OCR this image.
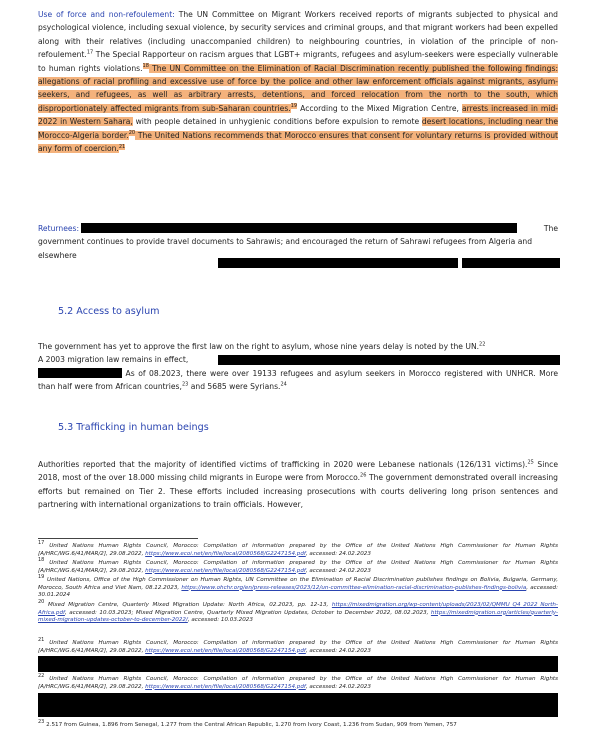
Use of force and non-refoulement: The UN Committee on Migrant Workers received reports of migrants subjected to physical and psychological violence, including sexual violence, by security services and criminal groups, and that migrant workers had been expelled along with their relatives (including unaccompanied children) to neighbouring countries, in violation of the principle of non-refoulement.$^{17}$ The Special Rapporteur on racism argues that LGBT+ migrants, refugees and asylum-seekers were especially vulnerable to human rights violations.$^{18}$ The UN Committee on the Elimination of Racial Discrimination recently published the following findings: allegations of racial profiling and excessive use of force by the police and other law enforcement officials against migrants, asylum-seekers, and refugees, as well as arbitrary arrests, detentions, and forced relocation from the north to the south, which disproportionately affected migrants from sub-Saharan countries.$^{19}$ According to the Mixed Migration Centre, arrests increased in mid-2022 in Western Sahara, with people detained in unhygienic conditions before expulsion to remote desert locations, including near the Morocco-Algeria border.$^{20}$ The United Nations recommends that Morocco ensures that consent for voluntary returns is provided without any form of coercion.$^{21}$

Returnees:	The

government continues to provide travel documents to Sahrawis; and encouraged the return of Sahrawi refugees from Algeria and elsewhere

5.2 Access to asylum

The government has yet to approve the first law on the right to asylum, whose nine years delay is noted by the UN.$^{22}$

A 2003 migration law remains in effect,

As of 08.2023, there were over 19133 refugees and asylum seekers in Morocco registered with UNHCR. More than half were from African countries,$^{23}$ and 5685 were Syrians.$^{24}$

5.3 Trafficking in human beings

Authorities reported that the majority of identified victims of trafficking in 2020 were Lebanese nationals (126/131 victims).$^{25}$ Since 2018, most of the over 18.000 missing child migrants in Europe were from Morocco.$^{26}$ The government demonstrated overall increasing efforts but remained on Tier 2. These efforts included increasing prosecutions with courts delivering long prison sentences and partnering with international organizations to train officials. However,

$^{17}$ United Nations Human Rights Council, Morocco: Compilation of information prepared by the Office of the United Nations High Commissioner for Human Rights [A/HRC/WG.6/41/MAR/2], 29.08.2022, https://www.ecoi.net/en/file/local/2080568/G2247154.pdf, accessed: 24.02.2023
$^{18}$ United Nations Human Rights Council, Morocco: Compilation of information prepared by the Office of the United Nations High Commissioner for Human Rights [A/HRC/WG.6/41/MAR/2], 29.08.2022, https://www.ecoi.net/en/file/local/2080568/G2247154.pdf, accessed: 24.02.2023
$^{19}$ United Nations, Office of the High Commissioner on Human Rights, UN Committee on the Elimination of Racial Discrimination publishes findings on Bolivia, Bulgaria, Germany, Morocco, South Africa and Viet Nam, 08.12.2023, https://www.ohchr.org/en/press-releases/2023/12/un-committee-elimination-racial-discrimination-publishes-findings-bolivia, accessed: 30.01.2024
$^{20}$ Mixed Migration Centre, Quarterly Mixed Migration Update: North Africa, 02.2023, pp. 12-13, https://mixedmigration.org/wp-content/uploads/2023/02/QMMU_Q4_2022_North-Africa.pdf, accessed: 10.03.2023; Mixed Migration Centre, Quarterly Mixed Migration Updates, October to December 2022, 08.02.2023, https://mixedmigration.org/articles/quarterly-mixed-migration-updates-october-to-december-2022/, accessed: 10.03.2023
$^{21}$ United Nations Human Rights Council, Morocco: Compilation of information prepared by the Office of the United Nations High Commissioner for Human Rights [A/HRC/WG.6/41/MAR/2], 29.08.2022, https://www.ecoi.net/en/file/local/2080568/G2247154.pdf, accessed: 24.02.2023
$^{22}$ United Nations Human Rights Council, Morocco: Compilation of information prepared by the Office of the United Nations High Commissioner for Human Rights [A/HRC/WG.6/41/MAR/2], 29.08.2022, https://www.ecoi.net/en/file/local/2080568/G2247154.pdf, accessed: 24.02.2023
$^{23}$ 2.517 from Guinea, 1.896 from Senegal, 1.277 from the Central African Republic, 1.270 from Ivory Coast, 1.236 from Sudan, 909 from Yemen, 757
